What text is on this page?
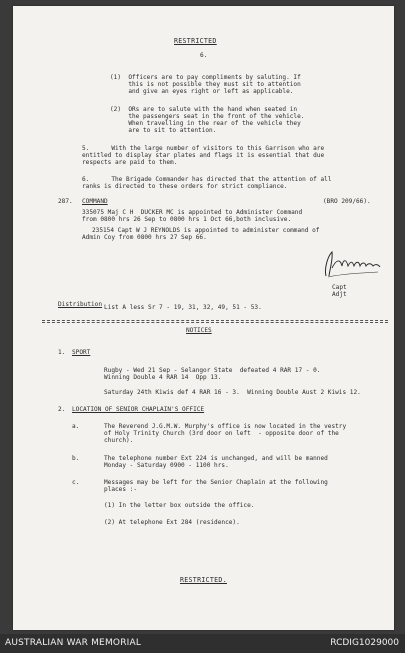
RESTRICTED
6.
(1)  Officers are to pay compliments by saluting. If
this is not possible they must sit to attention
and give an eyes right or left as applicable.
(2)  ORs are to salute with the hand when seated in
the passengers seat in the front of the vehicle.
When travelling in the rear of the vehicle they
are to sit to attention.
5.      With the large number of visitors to this Garrison who are
entitled to display star plates and flags it is essential that due
respects are paid to them.
6.      The Brigade Commander has directed that the attention of all
ranks is directed to these orders for strict compliance.
287. COMMAND	(BRO 209/66).
335075 Maj C H  DUCKER MC is appointed to Administer Command
from 0800 hrs 26 Sep to 0800 hrs 1 Oct 66,both inclusive.
235154 Capt W J REYNOLDS is appointed to administer command of
Admin Coy from 0800 hrs 27 Sep 66.
Capt
Adjt
Distribution List A less Sr 7 - 19, 31, 32, 49, 51 - 53.
NOTICES
1. SPORT
Rugby - Wed 21 Sep - Selangor State  defeated 4 RAR 17 - 0.
Winning Double 4 RAR 14  Opp 13.
Saturday 24th Kiwis def 4 RAR 16 - 3.  Winning Double Aust 2 Kiwis 12.
2. LOCATION OF SENIOR CHAPLAIN'S OFFICE
a.	The Reverend J.G.M.W. Murphy's office is now located in the vestry
of Holy Trinity Church (3rd door on left  - opposite door of the
church).
b.	The telephone number Ext 224 is unchanged, and will be manned
Monday - Saturday 0900 - 1100 hrs.
c.	Messages may be left for the Senior Chaplain at the following
places :-
(1) In the letter box outside the office.
(2) At telephone Ext 284 (residence).
RESTRICTED.
AUSTRALIAN WAR MEMORIAL	RCDIG1029000
